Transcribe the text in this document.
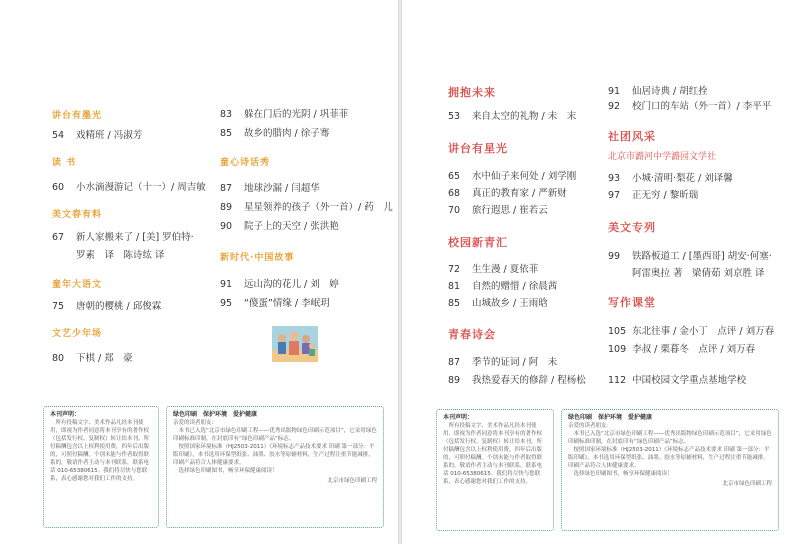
讲台有墨光
54 戏精班 / 冯淑芳
读 书
60 小水滴漫游记（十一）/ 周吉敏
美文春有料
67 新人家搬来了 / [美] 罗伯特·
罗素　译　陈诗纮 译
童年大语文
75 唐朝的樱桃 / 邱俊霖
文艺少年场
80 下棋 / 郑　豪
83 躲在门后的光阴 / 巩菲菲
85 故乡的腊肉 / 徐子骞
童心诗话秀
87 地球沙漏 / 闫超华
89 星星领养的孩子（外一首）/ 药　儿
90 院子上的天空 / 张洪艳
新时代·中国故事
91 远山沟的花儿 / 刘　婷
95 “傻蛋”情缘 / 李岷玥
本刊声明：
所有投稿文字、美术作品凡经本刊使用，即视为作者同意将本刊享有的著作权（包括发行权、复制权）转让给本刊。所付稿酬包含以上权利使用费，四年后出版的，可照付稿酬。个别未能与作者取得联系的，敬请作者主动与本刊联系，联系电话 010-65380615。我们将尽快与您联系，表心感谢您对我们工作的支持。
绿色印刷　保护环境　爱护健康
亲爱的读者朋友：
本书已入选“北京市绿色印刷工程——优秀出版物绿色印刷示范项目”，它采用绿色印刷标准印制，在封底印有“绿色印刷产品”标志。
按照国家环境标准（HJ2503-2011）《环境标志产品技术要求 印刷 第一部分：平版印刷》，本书选用环保型纸张、油墨、胶水等原辅材料，生产过程注重节能减排，印刷产品符合人体健康要求。
选择绿色印刷图书，畅享环保健康阅读！
北京市绿色印刷工程
拥抱未来
53 来自太空的礼物 / 未　末
讲台有星光
65 水中仙子来何处 / 刘学刚
68 真正的教育家 / 严新财
70 旅行遐思 / 崔若云
校园新青汇
72 生生漫 / 夏依菲
81 自然的赠惜 / 徐晨茜
85 山城故乡 / 王雨晗
青春诗会
87 季节的证词 / 阿　未
89 我热爱春天的修辞 / 程杨松
91 仙居诗典 / 胡红拴
92 校门口的车站（外一首）/ 李平平
社团风采
北京市潞河中学潞园文学社
93 小城·清明·梨花 / 刘译馨
97 正无穷 / 黎昕瑞
美文专列
99 铁路板道工 / [墨西哥] 胡安·何塞·
阿雷奥拉 著　梁倩茹 刘京胜 译
写作课堂
105 东北往事 / 金小丁　点评 / 刘万春
109 李叔 / 栗暮冬　点评 / 刘万春
112 中国校园文学重点基地学校
本刊声明：
所有投稿文字、美术作品凡经本刊使用，即视为作者同意将本刊享有的著作权（包括发行权、复制权）转让给本刊。所付稿酬包含以上权利使用费，四年后出版的，可照付稿酬。个别未能与作者取得联系的，敬请作者主动与本刊联系，联系电话 010-65380615。我们将尽快与您联系，表心感谢您对我们工作的支持。
绿色印刷　保护环境　爱护健康
亲爱的读者朋友：
本书已入选“北京市绿色印刷工程——优秀出版物绿色印刷示范项目”，它采用绿色印刷标准印制，在封底印有“绿色印刷产品”标志。
按照国家环境标准（HJ2503-2011）《环境标志产品技术要求 印刷 第一部分：平版印刷》，本书选用环保型纸张、油墨、胶水等原辅材料，生产过程注重节能减排，印刷产品符合人体健康要求。
选择绿色印刷图书，畅享环保健康阅读！
北京市绿色印刷工程
